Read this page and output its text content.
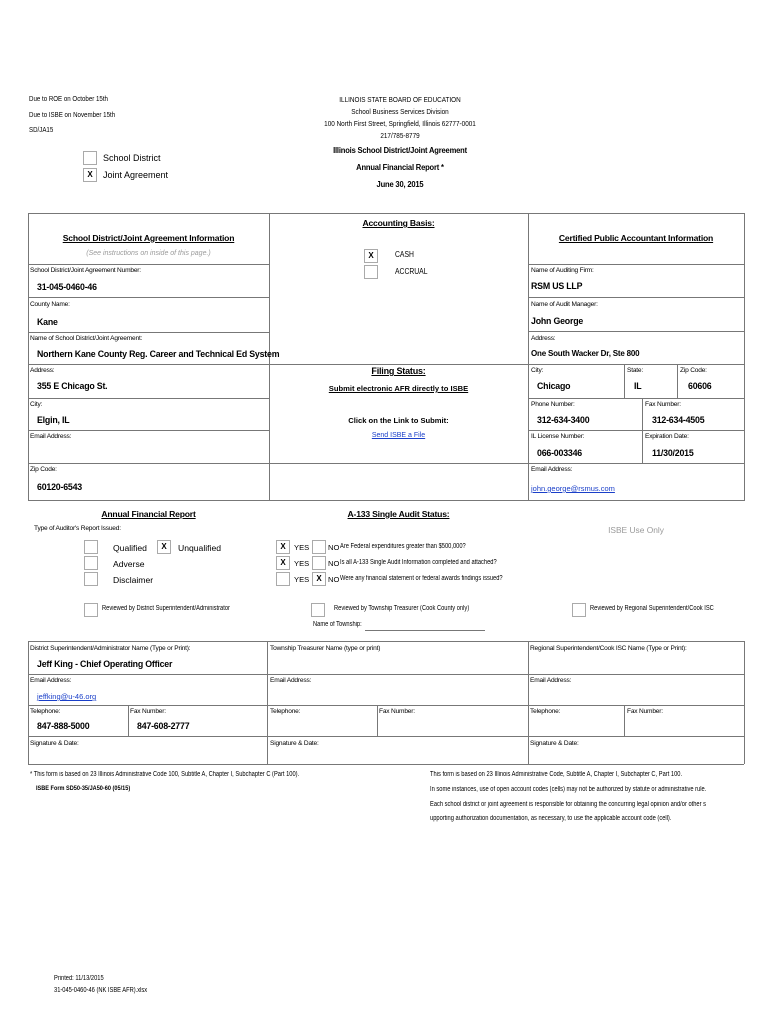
Due to ROE on October 15th
Due to ISBE on November 15th
SD/JA15
ILLINOIS STATE BOARD OF EDUCATION
School Business Services Division
100 North First Street, Springfield, Illinois 62777-0001
217/785-8779
Illinois School District/Joint Agreement
Annual Financial Report *
June 30, 2015
School District
X	Joint Agreement
School District/Joint Agreement Information
(See instructions on inside of this page.)
School District/Joint Agreement Number:
31-045-0460-46
County Name:
Kane
Name of School District/Joint Agreement:
Northern Kane County Reg. Career and Technical Ed System
Address:
355 E Chicago St.
City:
Elgin, IL
Email Address:
Zip Code:
60120-6543
Accounting Basis:
X	CASH
ACCRUAL
Filing Status:
Submit electronic AFR directly to ISBE
Click on the Link to Submit:
Send ISBE a File
Certified Public Accountant Information
Name of Auditing Firm:
RSM US LLP
Name of Audit Manager:
John George
Address:
One South Wacker Dr, Ste 800
City:
Chicago
State:
IL
Zip Code:
60606
Phone Number:
312-634-3400
Fax Number:
312-634-4505
IL License Number:
066-003346
Expiration Date:
11/30/2015
Email Address:
john.george@rsmus.com
Annual Financial Report
Type of Auditor's Report Issued:
Qualified	X	Unqualified
Adverse
Disclaimer
A-133 Single Audit Status:
X	YES NO Are Federal expenditures greater than $500,000?
X	YES NO Is all A-133 Single Audit Information completed and attached?
YES X NO Were any financial statement or federal awards findings issued?
ISBE Use Only
Reviewed by District Superintendent/Administrator	Reviewed by Township Treasurer (Cook County only)
Name of Township:
Reviewed by Regional Superintendent/Cook ISC
District Superintendent/Administrator Name (Type or Print):
Jeff King - Chief Operating Officer
Email Address:
jeffking@u-46.org
Telephone:
847-888-5000
Fax Number:
847-608-2777
Signature & Date:
Township Treasurer Name (type or print)
Email Address:
Telephone:	Fax Number:
Signature & Date:
Regional Superintendent/Cook ISC Name (Type or Print):
Email Address:
Telephone:	Fax Number:
Signature & Date:
* This form is based on 23 Illinois Administrative Code 100, Subtitle A, Chapter I, Subchapter C (Part 100).
ISBE Form SD50-35/JA50-60 (05/15)
This form is based on 23 Illinois Administrative Code, Subtitle A, Chapter I, Subchapter C, Part 100.
In some instances, use of open account codes (cells) may not be authorized by statute or administrative rule.
Each school district or joint agreement is responsible for obtaining the concurring legal opinion and/or other s
upporting authorization documentation, as necessary, to use the applicable account code (cell).
Printed: 11/13/2015
31-045-0460-46 (NK ISBE AFR).xlsx
